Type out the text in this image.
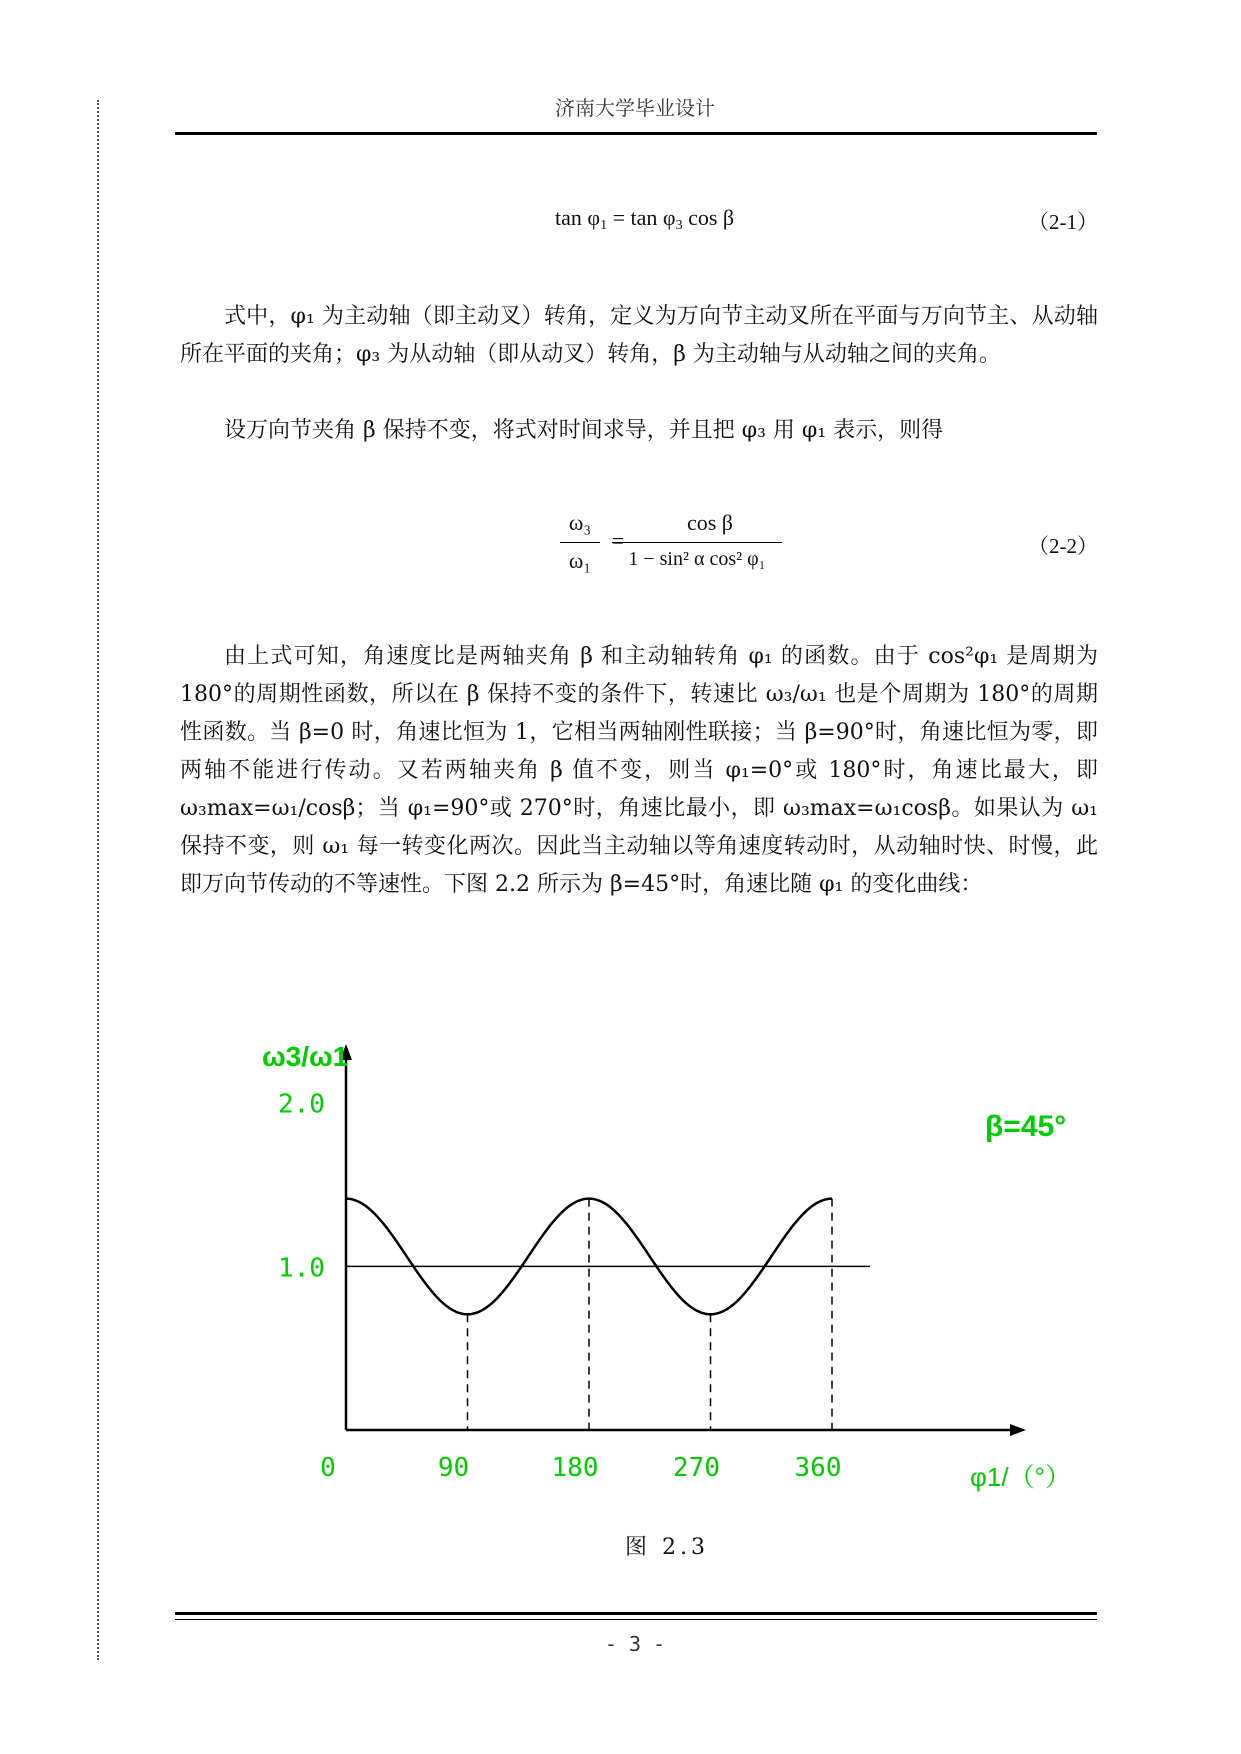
济南大学毕业设计
$\tan \varphi_1 = \tan \varphi_3$ cos β	（2-1）

式中，φ₁ 为主动轴（即主动叉）转角，定义为万向节主动叉所在平面与万向节主、从动轴所在平面的夹角；φ₃ 为从动轴（即从动叉）转角，β 为主动轴与从动轴之间的夹角。

设万向节夹角 β 保持不变，将式对时间求导，并且把 φ₃ 用 φ₁ 表示，则得

ω₃
ω₁
=
cos β
1 − sin² α cos² φ₁
（2-2）

由上式可知，角速度比是两轴夹角 β 和主动轴转角 φ₁ 的函数。由于 cos²φ₁ 是周期为 180°的周期性函数，所以在 β 保持不变的条件下，转速比 ω₃/ω₁ 也是个周期为 180°的周期性函数。当 β=0 时，角速比恒为 1，它相当两轴刚性联接；当 β=90°时，角速比恒为零，即两轴不能进行传动。又若两轴夹角 β 值不变，则当 φ₁=0°或 180°时，角速比最大，即 ω₃max=ω₁/cosβ；当 φ₁=90°或 270°时，角速比最小，即 ω₃max=ω₁cosβ。如果认为 ω₁ 保持不变，则 ω₁ 每一转变化两次。因此当主动轴以等角速度转动时，从动轴时快、时慢，此即万向节传动的不等速性。下图 2.2 所示为 β=45°时，角速比随 φ₁ 的变化曲线：

ω3/ω1
2.0
1.0
0	90	180	270	360
β=45°
φ1/（°）
图 2.3
- 3 -
